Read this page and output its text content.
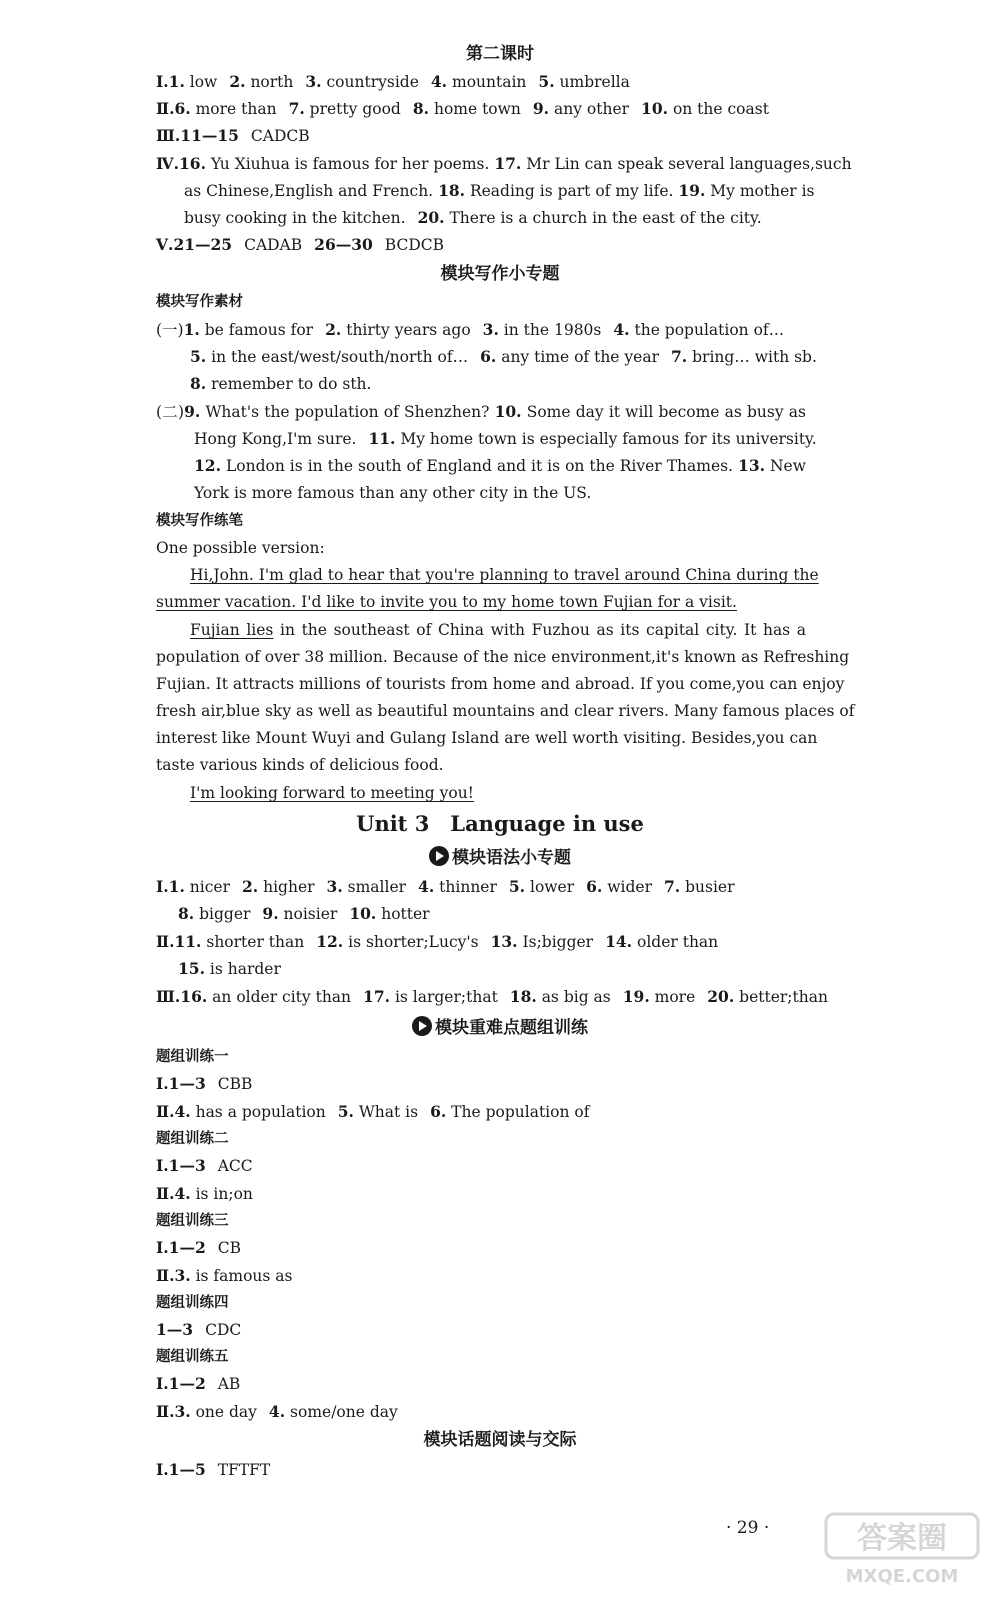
第二课时
Ⅰ.1. low 2. north 3. countryside 4. mountain 5. umbrella
Ⅱ.6. more than 7. pretty good 8. home town 9. any other 10. on the coast
Ⅲ.11—15 CADCB
Ⅳ.16. Yu Xiuhua is famous for her poems. 17. Mr Lin can speak several languages,such
as Chinese,English and French. 18. Reading is part of my life. 19. My mother is
busy cooking in the kitchen. 20. There is a church in the east of the city.
Ⅴ.21—25 CADAB 26—30 BCDCB
模块写作小专题
模块写作素材
(一)1. be famous for 2. thirty years ago 3. in the 1980s 4. the population of…
5. in the east/west/south/north of… 6. any time of the year 7. bring… with sb.
8. remember to do sth.
(二)9. What's the population of Shenzhen? 10. Some day it will become as busy as
Hong Kong,I'm sure. 11. My home town is especially famous for its university.
12. London is in the south of England and it is on the River Thames. 13. New
York is more famous than any other city in the US.
模块写作练笔
One possible version:
Hi,John. I'm glad to hear that you're planning to travel around China during the
summer vacation. I'd like to invite you to my home town Fujian for a visit.
Fujian lies in the southeast of China with Fuzhou as its capital city. It has a
population of over 38 million. Because of the nice environment,it's known as Refreshing
Fujian. It attracts millions of tourists from home and abroad. If you come,you can enjoy
fresh air,blue sky as well as beautiful mountains and clear rivers. Many famous places of
interest like Mount Wuyi and Gulang Island are well worth visiting. Besides,you can
taste various kinds of delicious food.
I'm looking forward to meeting you!
Unit 3　Language in use
模块语法小专题
Ⅰ.1. nicer 2. higher 3. smaller 4. thinner 5. lower 6. wider 7. busier
8. bigger 9. noisier 10. hotter
Ⅱ.11. shorter than 12. is shorter;Lucy's 13. Is;bigger 14. older than
15. is harder
Ⅲ.16. an older city than 17. is larger;that 18. as big as 19. more 20. better;than
模块重难点题组训练
题组训练一
Ⅰ.1—3 CBB
Ⅱ.4. has a population 5. What is 6. The population of
题组训练二
Ⅰ.1—3 ACC
Ⅱ.4. is in;on
题组训练三
Ⅰ.1—2 CB
Ⅱ.3. is famous as
题组训练四
1—3 CDC
题组训练五
Ⅰ.1—2 AB
Ⅱ.3. one day 4. some/one day
模块话题阅读与交际
Ⅰ.1—5 TFTFT
· 29 ·	答案圈
MXQE.COM
